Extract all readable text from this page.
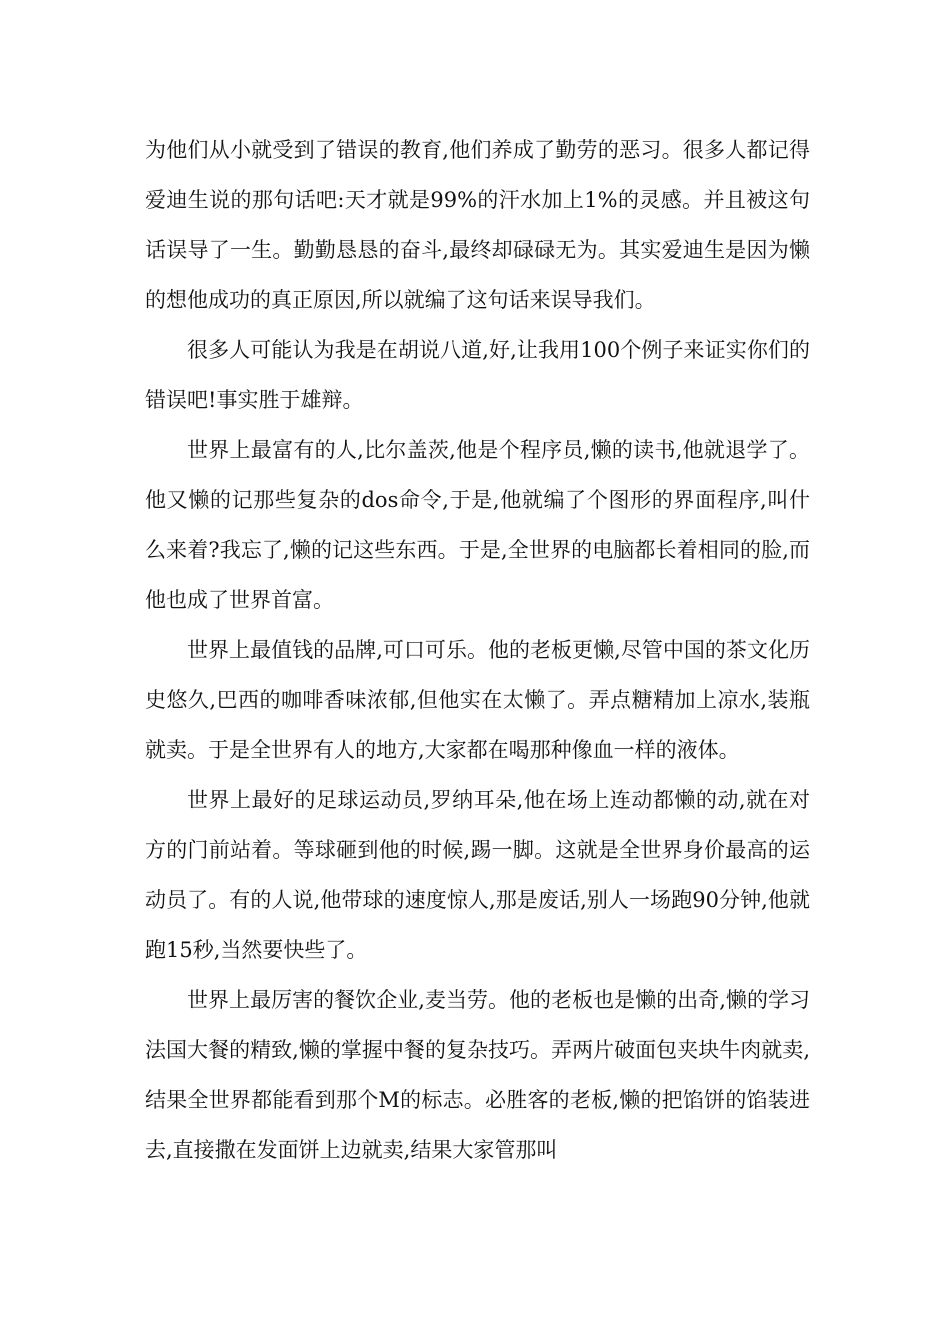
为他们从小就受到了错误的教育,他们养成了勤劳的恶习。很多人都记得爱迪生说的那句话吧:天才就是99%的汗水加上1%的灵感。并且被这句话误导了一生。勤勤恳恳的奋斗,最终却碌碌无为。其实爱迪生是因为懒的想他成功的真正原因,所以就编了这句话来误导我们。

很多人可能认为我是在胡说八道,好,让我用100个例子来证实你们的错误吧!事实胜于雄辩。

世界上最富有的人,比尔盖茨,他是个程序员,懒的读书,他就退学了。他又懒的记那些复杂的dos命令,于是,他就编了个图形的界面程序,叫什么来着?我忘了,懒的记这些东西。于是,全世界的电脑都长着相同的脸,而他也成了世界首富。

世界上最值钱的品牌,可口可乐。他的老板更懒,尽管中国的茶文化历史悠久,巴西的咖啡香味浓郁,但他实在太懒了。弄点糖精加上凉水,装瓶就卖。于是全世界有人的地方,大家都在喝那种像血一样的液体。

世界上最好的足球运动员,罗纳耳朵,他在场上连动都懒的动,就在对方的门前站着。等球砸到他的时候,踢一脚。这就是全世界身价最高的运动员了。有的人说,他带球的速度惊人,那是废话,别人一场跑90分钟,他就跑15秒,当然要快些了。

世界上最厉害的餐饮企业,麦当劳。他的老板也是懒的出奇,懒的学习法国大餐的精致,懒的掌握中餐的复杂技巧。弄两片破面包夹块牛肉就卖,结果全世界都能看到那个M的标志。必胜客的老板,懒的把馅饼的馅装进去,直接撒在发面饼上边就卖,结果大家管那叫
